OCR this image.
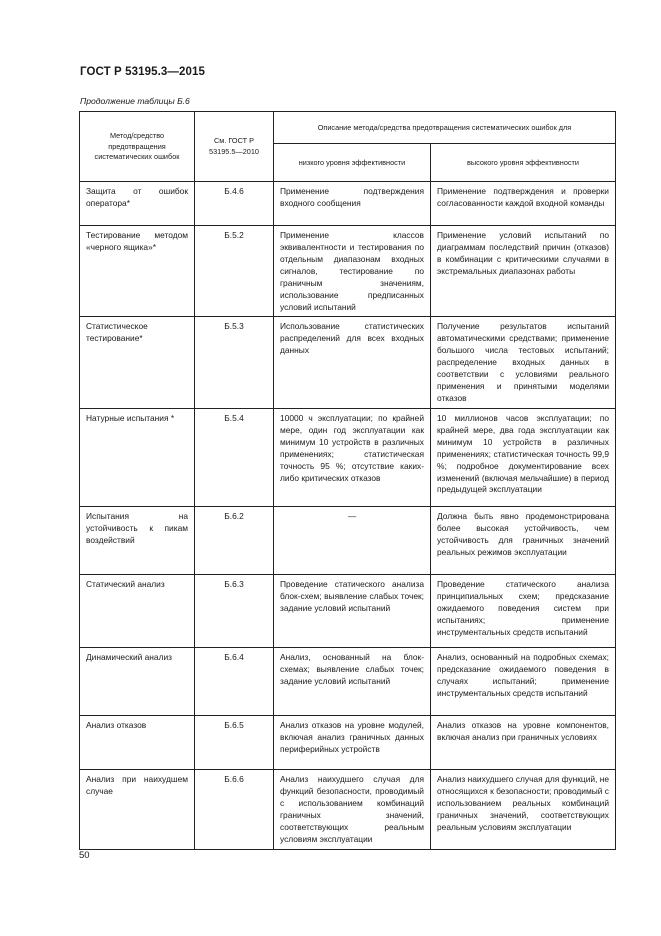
ГОСТ Р 53195.3—2015
Продолжение таблицы Б.6
Метод/средство предотвращения систематических ошибок	См. ГОСТ Р 53195.5—2010	Описание метода/средства предотвращения систематических ошибок для	
		низкого уровня эффективности	высокого уровня эффективности
Защита от ошибок оператора*	Б.4.6	Применение подтверждения входного сообщения	Применение подтверждения и проверки согласованности каждой входной команды
Тестирование методом «черного ящика»*	Б.5.2	Применение классов эквивалентности и тестирования по отдельным диапазонам входных сигналов, тестирование по граничным значениям, использование предписанных условий испытаний	Применение условий испытаний по диаграммам последствий причин (отказов) в комбинации с критическими случаями в экстремальных диапазонах работы
Статистическое тестирование*	Б.5.3	Использование статистических распределений для всех входных данных	Получение результатов испытаний автоматическими средствами; применение большого числа тестовых испытаний; распределение входных данных в соответствии с условиями реального применения и принятыми моделями отказов
Натурные испытания *	Б.5.4	10000 ч эксплуатации; по крайней мере, один год эксплуатации как минимум 10 устройств в различных применениях; статистическая точность 95 %; отсутствие каких-либо критических отказов	10 миллионов часов эксплуатации; по крайней мере, два года эксплуатации как минимум 10 устройств в различных применениях; статистическая точность 99,9 %; подробное документирование всех изменений (включая мельчайшие) в период предыдущей эксплуатации
Испытания на устойчивость к пикам воздействий	Б.6.2	—	Должна быть явно продемонстрирована более высокая устойчивость, чем устойчивость для граничных значений реальных режимов эксплуатации
Статический анализ	Б.6.3	Проведение статического анализа блок-схем; выявление слабых точек; задание условий испытаний	Проведение статического анализа принципиальных схем; предсказание ожидаемого поведения систем при испытаниях; применение инструментальных средств испытаний
Динамический анализ	Б.6.4	Анализ, основанный на блок-схемах; выявление слабых точек; задание условий испытаний	Анализ, основанный на подробных схемах; предсказание ожидаемого поведения в случаях испытаний; применение инструментальных средств испытаний
Анализ отказов	Б.6.5	Анализ отказов на уровне модулей, включая анализ граничных данных периферийных устройств	Анализ отказов на уровне компонентов, включая анализ при граничных условиях
Анализ при наихудшем случае	Б.6.6	Анализ наихудшего случая для функций безопасности, проводимый с использованием комбинаций граничных значений, соответствующих реальным условиям эксплуатации	Анализ наихудшего случая для функций, не относящихся к безопасности; проводимый с использованием реальных комбинаций граничных значений, соответствующих реальным условиям эксплуатации
50
